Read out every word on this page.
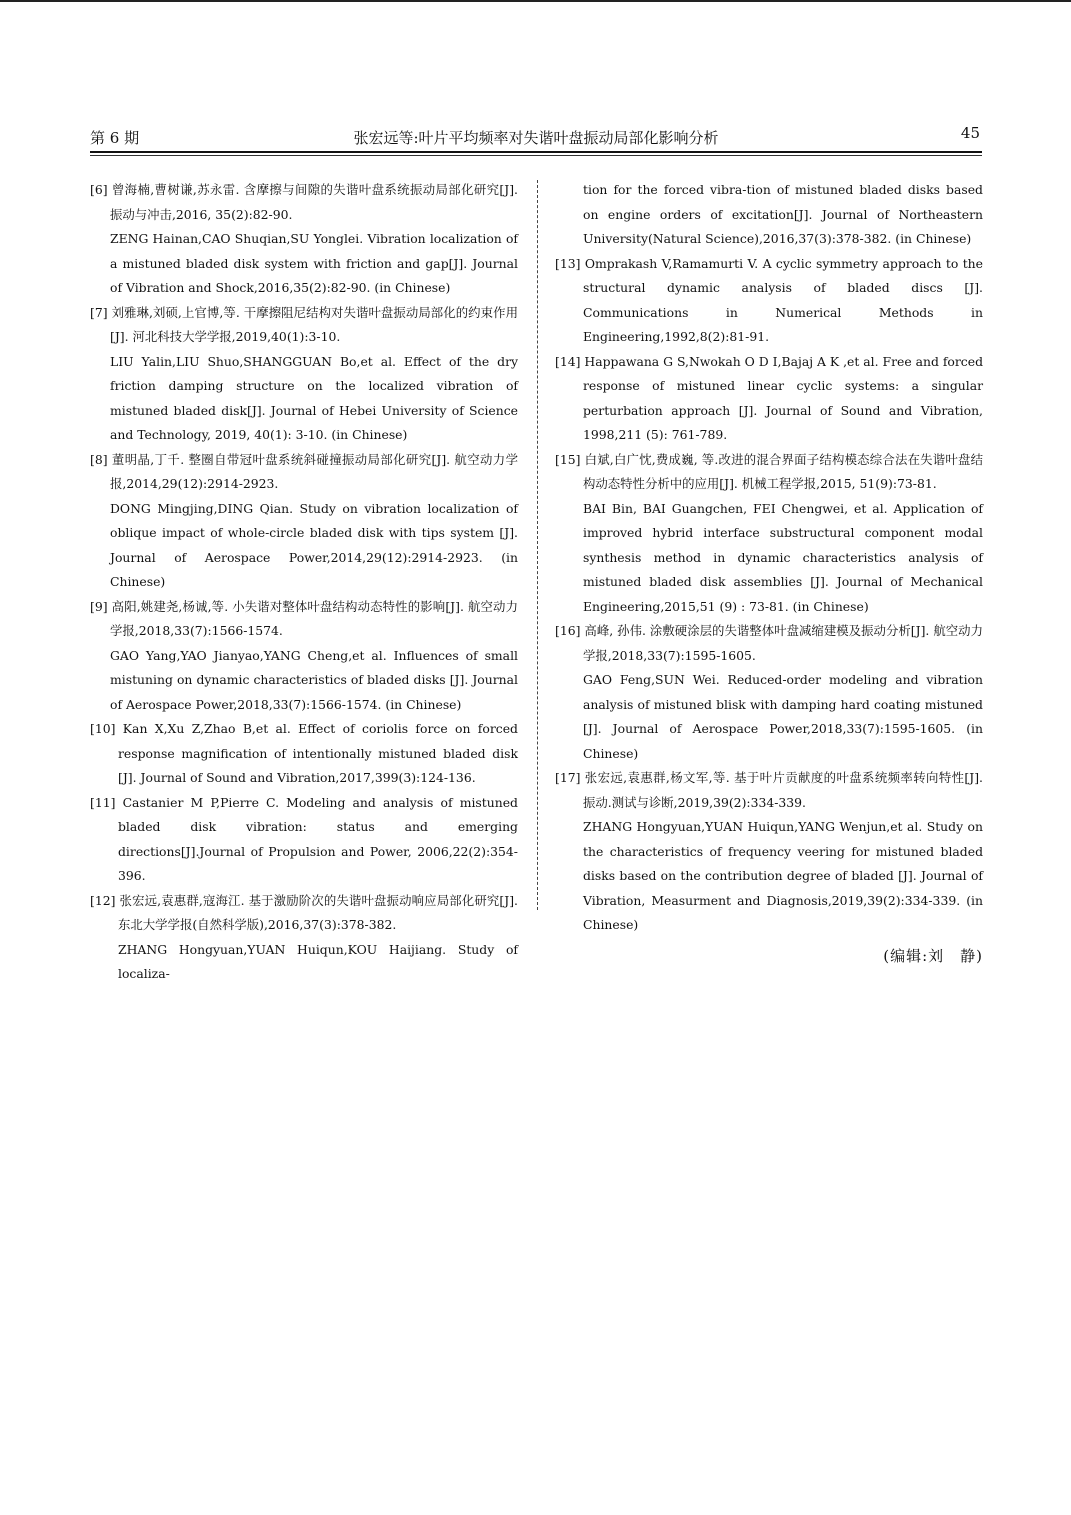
第 6 期	张宏远等:叶片平均频率对失谐叶盘振动局部化影响分析	45
[6] 曾海楠,曹树谦,苏永雷. 含摩擦与间隙的失谐叶盘系统振动局部化研究[J]. 振动与冲击,2016, 35(2):82-90.
ZENG Hainan,CAO Shuqian,SU Yonglei. Vibration localization of a mistuned bladed disk system with friction and gap[J]. Journal of Vibration and Shock,2016,35(2):82-90. (in Chinese)
[7] 刘雅琳,刘硕,上官博,等. 干摩擦阻尼结构对失谐叶盘振动局部化的约束作用[J]. 河北科技大学学报,2019,40(1):3-10.
LIU Yalin,LIU Shuo,SHANGGUAN Bo,et al. Effect of the dry friction damping structure on the localized vibration of mistuned bladed disk[J]. Journal of Hebei University of Science and Technology, 2019, 40(1): 3-10. (in Chinese)
[8] 董明晶,丁千. 整圈自带冠叶盘系统斜碰撞振动局部化研究[J]. 航空动力学报,2014,29(12):2914-2923.
DONG Mingjing,DING Qian. Study on vibration localization of oblique impact of whole-circle bladed disk with tips system [J]. Journal of Aerospace Power,2014,29(12):2914-2923. (in Chinese)
[9] 高阳,姚建尧,杨诚,等. 小失谐对整体叶盘结构动态特性的影响[J]. 航空动力学报,2018,33(7):1566-1574.
GAO Yang,YAO Jianyao,YANG Cheng,et al. Influences of small mistuning on dynamic characteristics of bladed disks [J]. Journal of Aerospace Power,2018,33(7):1566-1574. (in Chinese)
[10] Kan X,Xu Z,Zhao B,et al. Effect of coriolis force on forced response magnification of intentionally mistuned bladed disk [J]. Journal of Sound and Vibration,2017,399(3):124-136.
[11] Castanier M P,Pierre C. Modeling and analysis of mistuned bladed disk vibration: status and emerging directions[J].Journal of Propulsion and Power, 2006,22(2):354-396.
[12] 张宏远,袁惠群,寇海江. 基于激励阶次的失谐叶盘振动响应局部化研究[J]. 东北大学学报(自然科学版),2016,37(3):378-382.
ZHANG Hongyuan,YUAN Huiqun,KOU Haijiang. Study of localiza-
tion for the forced vibra-tion of mistuned bladed disks based on engine orders of excitation[J]. Journal of Northeastern University(Natural Science),2016,37(3):378-382. (in Chinese)
[13] Omprakash V,Ramamurti V. A cyclic symmetry approach to the structural dynamic analysis of bladed discs [J]. Communications in Numerical Methods in Engineering,1992,8(2):81-91.
[14] Happawana G S,Nwokah O D I,Bajaj A K ,et al. Free and forced response of mistuned linear cyclic systems: a singular perturbation approach [J]. Journal of Sound and Vibration, 1998,211 (5): 761-789.
[15] 白斌,白广忱,费成巍, 等.改进的混合界面子结构模态综合法在失谐叶盘结构动态特性分析中的应用[J]. 机械工程学报,2015, 51(9):73-81.
BAI Bin, BAI Guangchen, FEI Chengwei, et al. Application of improved hybrid interface substructural component modal synthesis method in dynamic characteristics analysis of mistuned bladed disk assemblies [J]. Journal of Mechanical Engineering,2015,51 (9) : 73-81. (in Chinese)
[16] 高峰, 孙伟. 涂敷硬涂层的失谐整体叶盘减缩建模及振动分析[J]. 航空动力学报,2018,33(7):1595-1605.
GAO Feng,SUN Wei. Reduced-order modeling and vibration analysis of mistuned blisk with damping hard coating mistuned [J]. Journal of Aerospace Power,2018,33(7):1595-1605. (in Chinese)
[17] 张宏远,袁惠群,杨文军,等. 基于叶片贡献度的叶盘系统频率转向特性[J]. 振动.测试与诊断,2019,39(2):334-339.
ZHANG Hongyuan,YUAN Huiqun,YANG Wenjun,et al. Study on the characteristics of frequency veering for mistuned bladed disks based on the contribution degree of bladed [J]. Journal of Vibration, Measurment and Diagnosis,2019,39(2):334-339. (in Chinese)
(编辑:刘　静)
